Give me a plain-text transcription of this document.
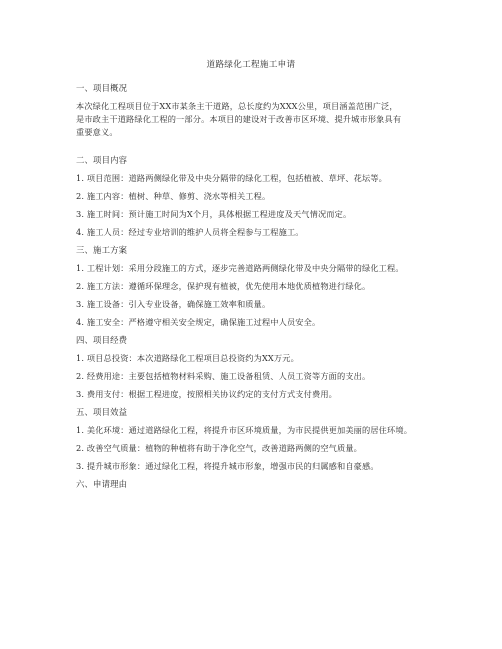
道路绿化工程施工申请
一、项目概况
本次绿化工程项目位于XX市某条主干道路，总长度约为XXX公里，项目涵盖范围广泛，
是市政主干道路绿化工程的一部分。本项目的建设对于改善市区环境、提升城市形象具有
重要意义。
二、项目内容
1. 项目范围：道路两侧绿化带及中央分隔带的绿化工程，包括植被、草坪、花坛等。
2. 施工内容：植树、种草、修剪、浇水等相关工程。
3. 施工时间：预计施工时间为X个月，具体根据工程进度及天气情况而定。
4. 施工人员：经过专业培训的维护人员将全程参与工程施工。
三、施工方案
1. 工程计划：采用分段施工的方式，逐步完善道路两侧绿化带及中央分隔带的绿化工程。
2. 施工方法：遵循环保理念，保护现有植被，优先使用本地优质植物进行绿化。
3. 施工设备：引入专业设备，确保施工效率和质量。
4. 施工安全：严格遵守相关安全规定，确保施工过程中人员安全。
四、项目经费
1. 项目总投资：本次道路绿化工程项目总投资约为XX万元。
2. 经费用途：主要包括植物材料采购、施工设备租赁、人员工资等方面的支出。
3. 费用支付：根据工程进度，按照相关协议约定的支付方式支付费用。
五、项目效益
1. 美化环境：通过道路绿化工程，将提升市区环境质量，为市民提供更加美丽的居住环境。
2. 改善空气质量：植物的种植将有助于净化空气，改善道路两侧的空气质量。
3. 提升城市形象：通过绿化工程，将提升城市形象，增强市民的归属感和自豪感。
六、申请理由
